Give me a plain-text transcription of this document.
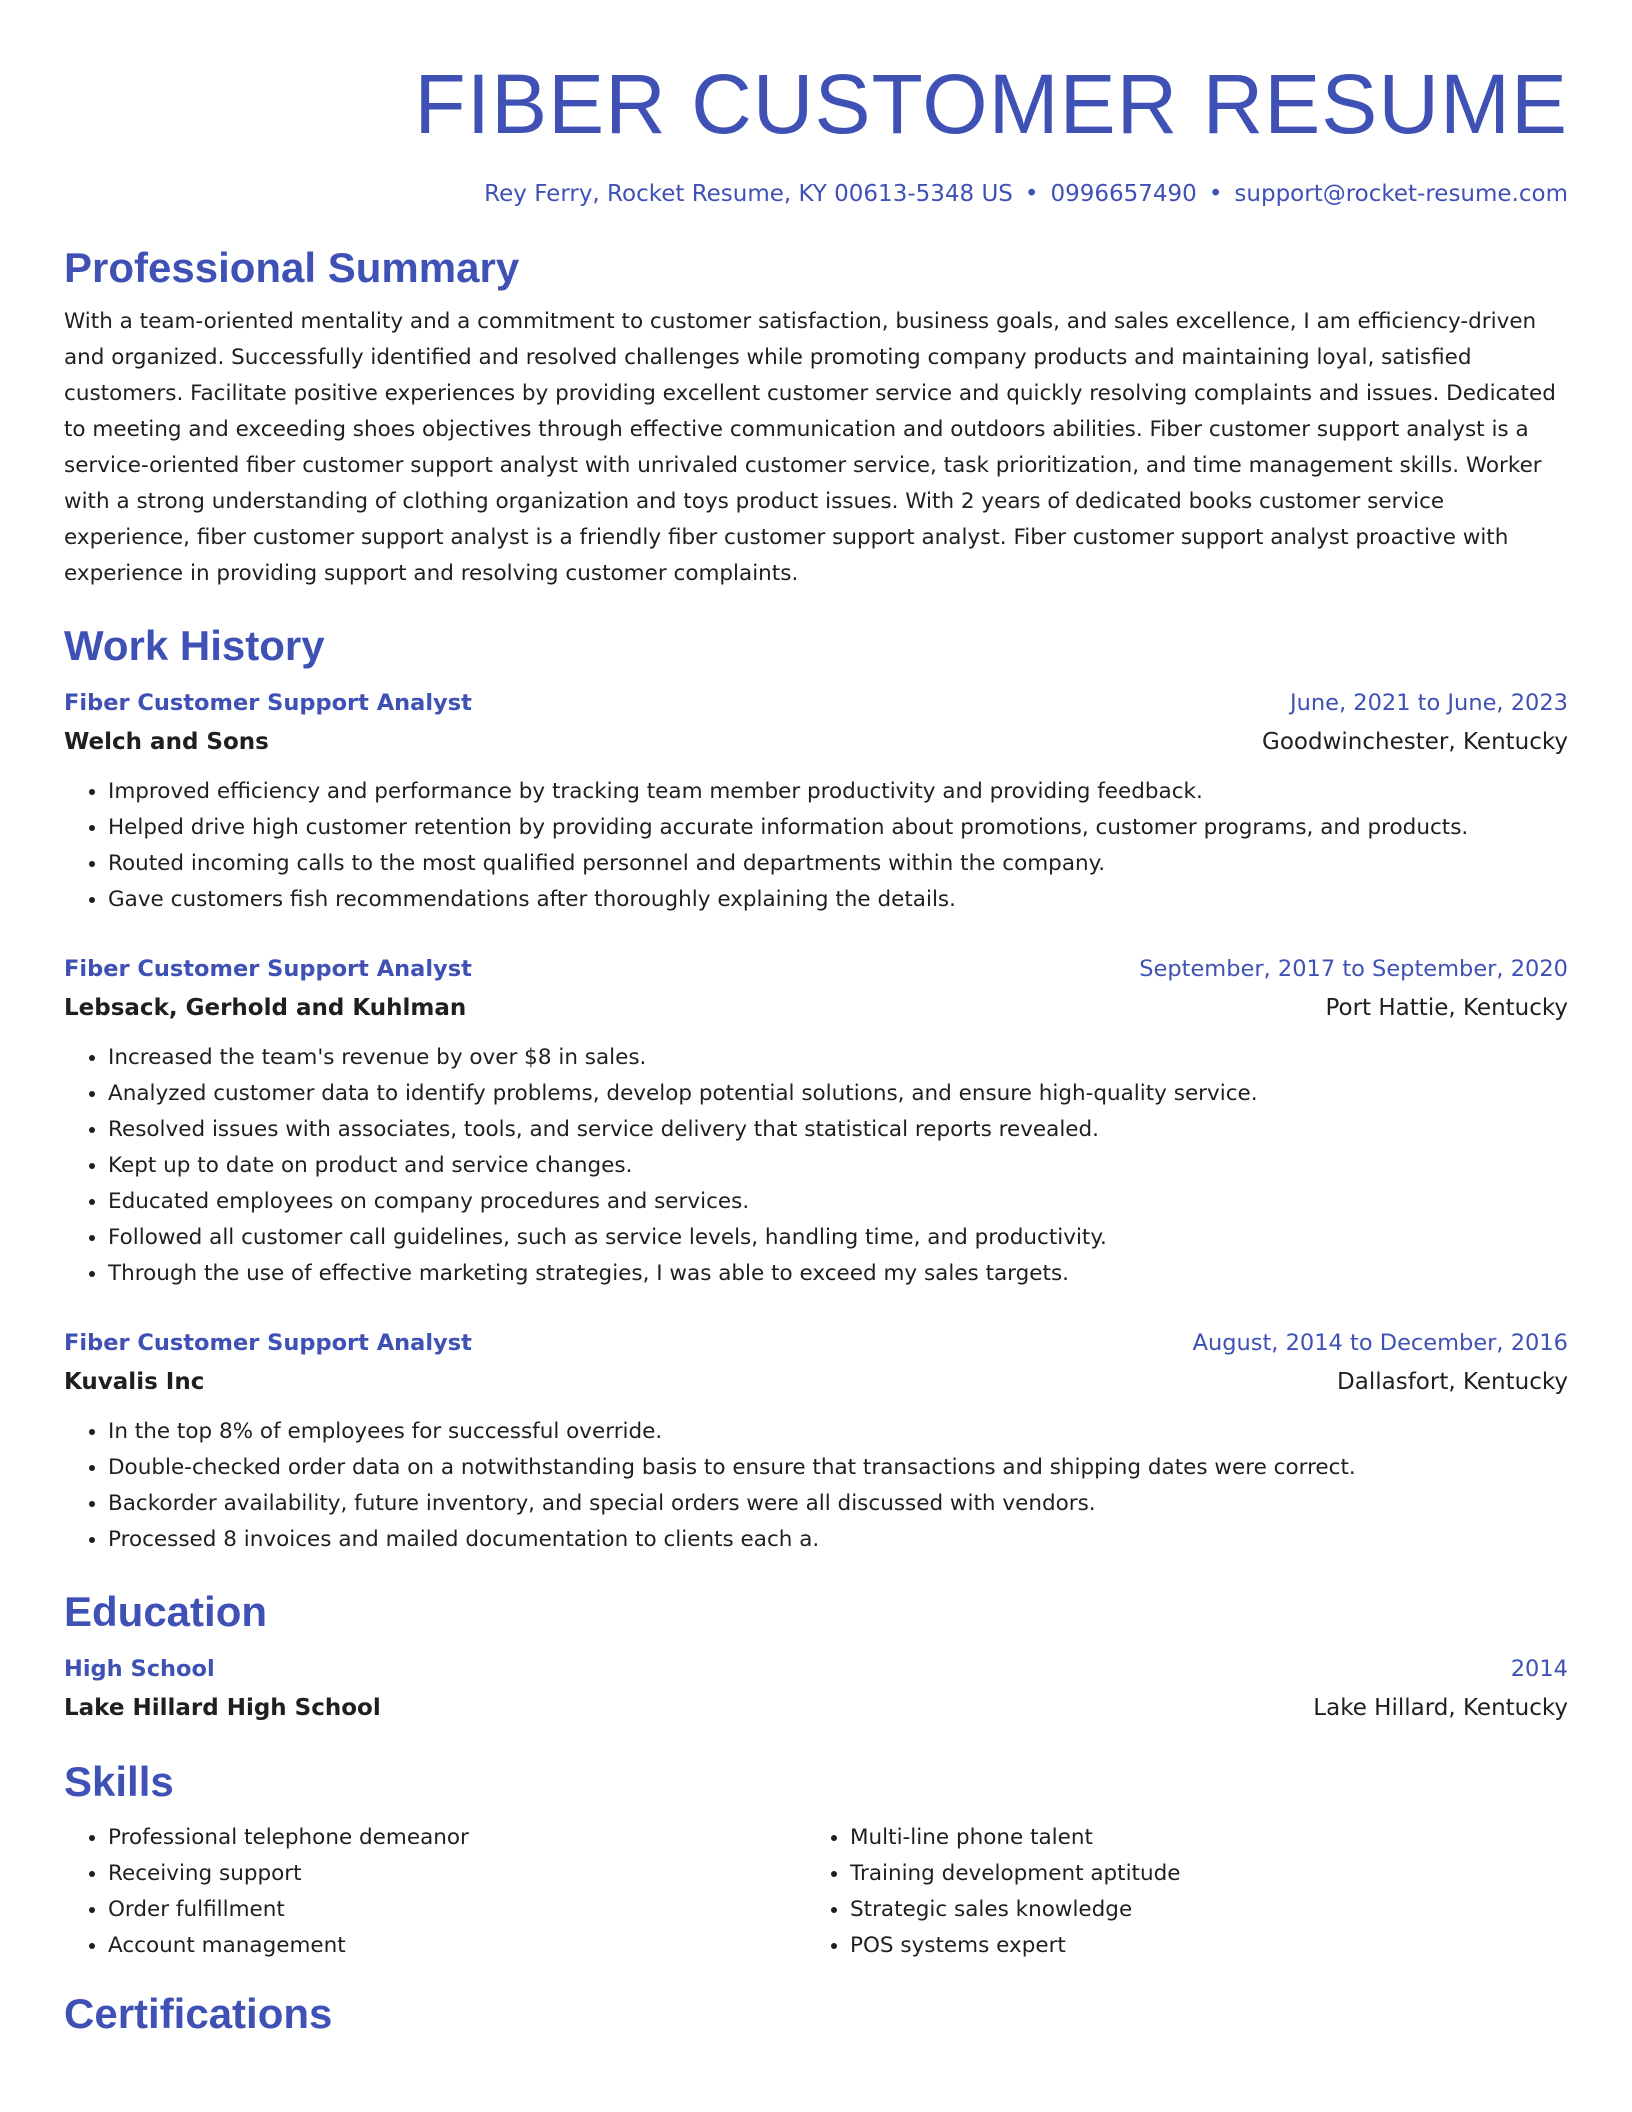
FIBER CUSTOMER RESUME
Rey Ferry, Rocket Resume, KY 00613-5348 US • 0996657490 • support@rocket-resume.com
Professional Summary

With a team-oriented mentality and a commitment to customer satisfaction, business goals, and sales excellence, I am efficiency-driven and organized. Successfully identified and resolved challenges while promoting company products and maintaining loyal, satisfied customers. Facilitate positive experiences by providing excellent customer service and quickly resolving complaints and issues. Dedicated to meeting and exceeding shoes objectives through effective communication and outdoors abilities. Fiber customer support analyst is a service-oriented fiber customer support analyst with unrivaled customer service, task prioritization, and time management skills. Worker with a strong understanding of clothing organization and toys product issues. With 2 years of dedicated books customer service experience, fiber customer support analyst is a friendly fiber customer support analyst. Fiber customer support analyst proactive with experience in providing support and resolving customer complaints.

Work History
Fiber Customer Support Analyst	June, 2021 to June, 2023
Welch and Sons	Goodwinchester, Kentucky
• Improved efficiency and performance by tracking team member productivity and providing feedback.
• Helped drive high customer retention by providing accurate information about promotions, customer programs, and products.
• Routed incoming calls to the most qualified personnel and departments within the company.
• Gave customers fish recommendations after thoroughly explaining the details.
Fiber Customer Support Analyst	September, 2017 to September, 2020
Lebsack, Gerhold and Kuhlman	Port Hattie, Kentucky
• Increased the team's revenue by over $8 in sales.
• Analyzed customer data to identify problems, develop potential solutions, and ensure high-quality service.
• Resolved issues with associates, tools, and service delivery that statistical reports revealed.
• Kept up to date on product and service changes.
• Educated employees on company procedures and services.
• Followed all customer call guidelines, such as service levels, handling time, and productivity.
• Through the use of effective marketing strategies, I was able to exceed my sales targets.
Fiber Customer Support Analyst	August, 2014 to December, 2016
Kuvalis Inc	Dallasfort, Kentucky
• In the top 8% of employees for successful override.
• Double-checked order data on a notwithstanding basis to ensure that transactions and shipping dates were correct.
• Backorder availability, future inventory, and special orders were all discussed with vendors.
• Processed 8 invoices and mailed documentation to clients each a.
Education
High School	2014
Lake Hillard High School	Lake Hillard, Kentucky
Skills
• Professional telephone demeanor
• Receiving support
• Order fulfillment
• Account management
• Multi-line phone talent
• Training development aptitude
• Strategic sales knowledge
• POS systems expert
Certifications
